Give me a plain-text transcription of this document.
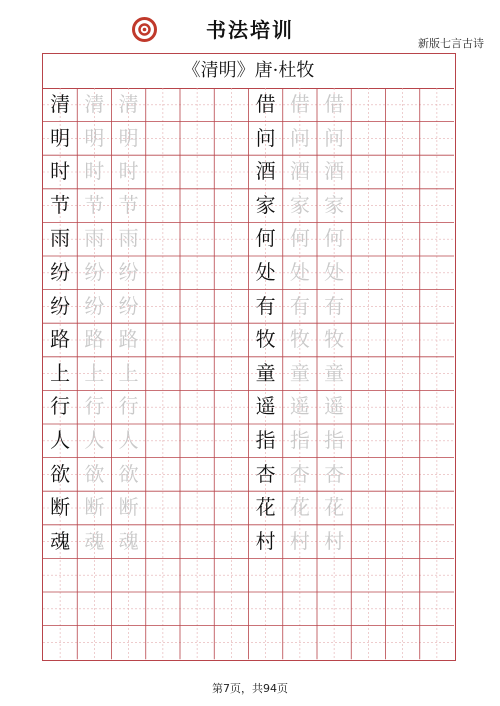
书法培训
新版七言古诗
《清明》唐·杜牧
清 清 清
明 明 明
时 时 时
节 节 节
雨 雨 雨
纷 纷 纷
纷 纷 纷
路 路 路
上 上 上
行 行 行
人 人 人
欲 欲 欲
断 断 断
魂 魂 魂
借 借 借
问 问 问
酒 酒 酒
家 家 家
何 何 何
处 处 处
有 有 有
牧 牧 牧
童 童 童
遥 遥 遥
指 指 指
杏 杏 杏
花 花 花
村 村 村
第7页，共94页
